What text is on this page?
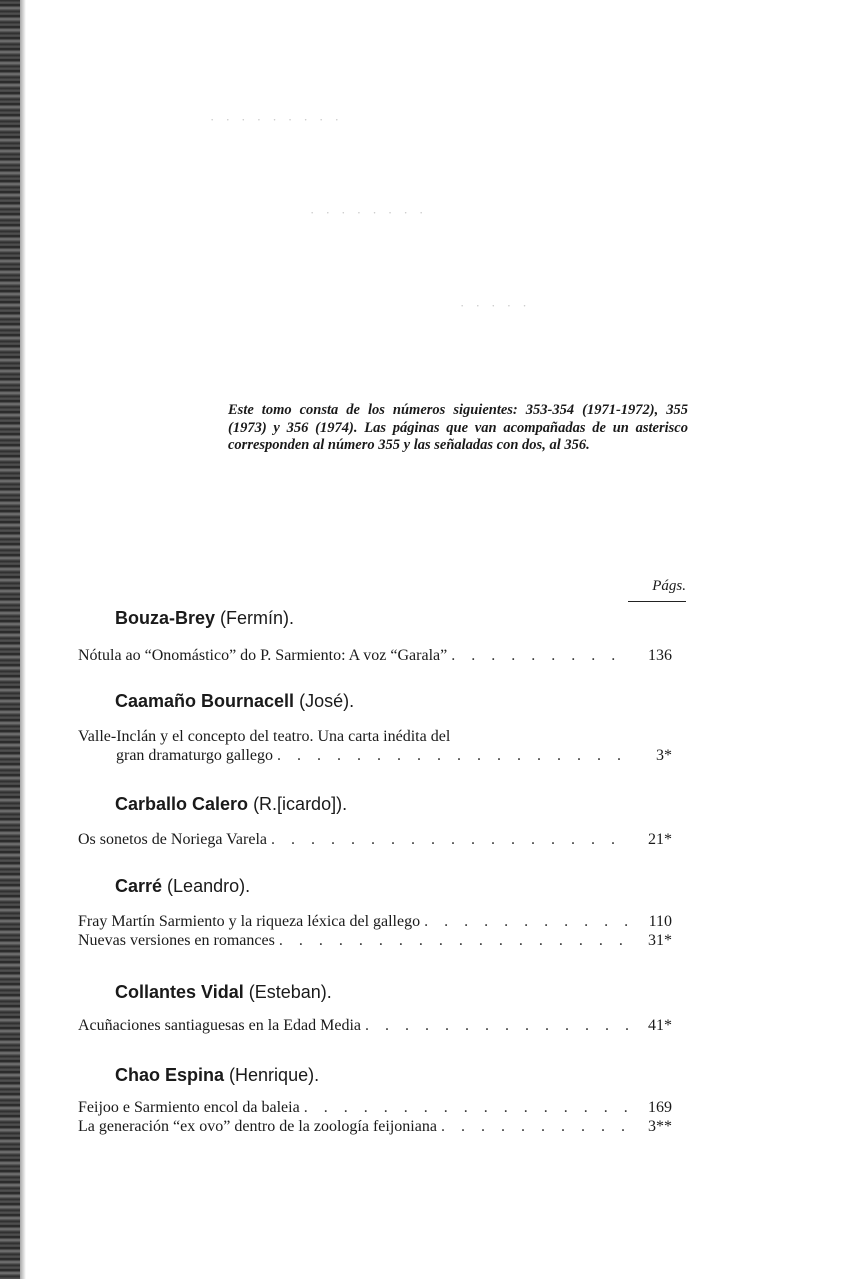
· · · · · · · · ·
· · · · · · · ·
· · · · ·
Este tomo consta de los números siguientes: 353-354 (1971-1972), 355 (1973) y 356 (1974). Las páginas que van acompañadas de un asterisco corresponden al número 355 y las señaladas con dos, al 356.
Págs.
Bouza-Brey (Fermín).
Nótula ao “Onomástico” do P. Sarmiento: A voz “Garala” . . .	136
Caamaño Bournacell (José).
Valle-Inclán y el concepto del teatro. Una carta inédita del
gran dramaturgo gallego . . .	3*
Carballo Calero (R.[icardo]).
Os sonetos de Noriega Varela . . .	21*
Carré (Leandro).
Fray Martín Sarmiento y la riqueza léxica del gallego . . .	110
Nuevas versiones en romances . . .	31*
Collantes Vidal (Esteban).
Acuñaciones santiaguesas en la Edad Media . . .	41*
Chao Espina (Henrique).
Feijoo e Sarmiento encol da baleia . . .	169
La generación “ex ovo” dentro de la zoología feijoniana . . .	3**
